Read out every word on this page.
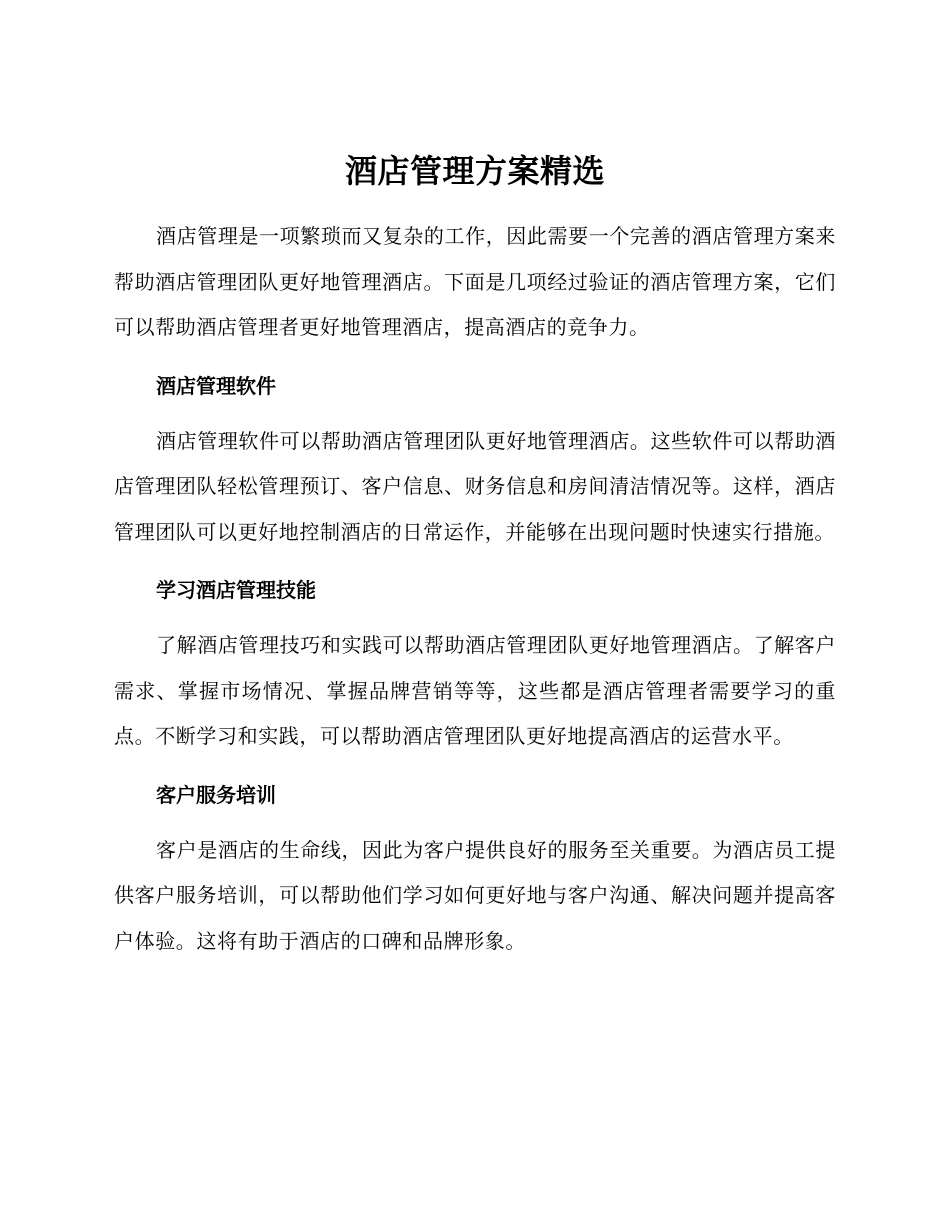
酒店管理方案精选

酒店管理是一项繁琐而又复杂的工作，因此需要一个完善的酒店管理方案来帮助酒店管理团队更好地管理酒店。下面是几项经过验证的酒店管理方案，它们可以帮助酒店管理者更好地管理酒店，提高酒店的竞争力。

酒店管理软件

酒店管理软件可以帮助酒店管理团队更好地管理酒店。这些软件可以帮助酒店管理团队轻松管理预订、客户信息、财务信息和房间清洁情况等。这样，酒店管理团队可以更好地控制酒店的日常运作，并能够在出现问题时快速实行措施。

学习酒店管理技能

了解酒店管理技巧和实践可以帮助酒店管理团队更好地管理酒店。了解客户需求、掌握市场情况、掌握品牌营销等等，这些都是酒店管理者需要学习的重点。不断学习和实践，可以帮助酒店管理团队更好地提高酒店的运营水平。

客户服务培训

客户是酒店的生命线，因此为客户提供良好的服务至关重要。为酒店员工提供客户服务培训，可以帮助他们学习如何更好地与客户沟通、解决问题并提高客户体验。这将有助于酒店的口碑和品牌形象。
